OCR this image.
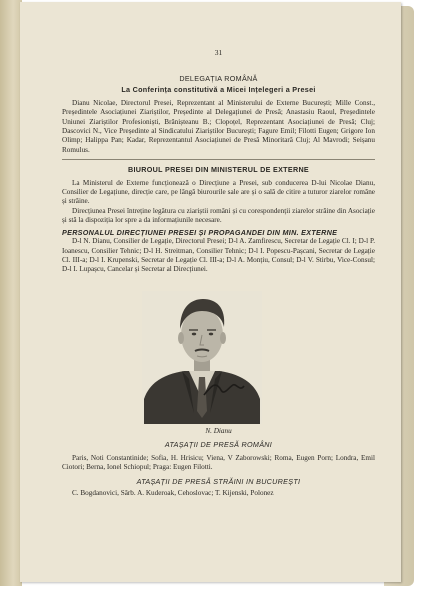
31

DELEGAȚIA ROMÂNĂ

La Conferința constitutivă a Micei Ințelegeri a Presei

Dianu Nicolae, Directorul Presei, Reprezentant al Ministerului de Externe București; Mille Const., Președintele Asociațiunei Ziariștilor, Președinte al Delegațiunei de Presă; Anastasiu Raoul, Președintele Uniunei Ziariștilor Profesioniști, Brănișteanu B.; Clopoțel, Reprezentant Asociațiunei de Presă; Cluj; Dascovici N., Vice Președinte al Sindicatului Ziariștilor București; Fagure Emil; Filotti Eugen; Grigore Ion Olimp; Halippa Pan; Kadar, Reprezentantul Asociațiunei de Presă Minoritară Cluj; Al Mavrodi; Seișanu Romulus.

BIUROUL PRESEI DIN MINISTERUL DE EXTERNE

La Ministerul de Externe funcționează o Direcțiune a Presei, sub conducerea D-lui Nicolae Dianu, Consilier de Legațiune, direcție care, pe lângă biurourile sale are și o sală de citire a tuturor ziarelor române și străine.

Direcțiunea Presei întreține legătura cu ziariștii români și cu corespondenții ziarelor străine din Asociație și stă la dispoziția lor spre a da informațiunile necesare.

PERSONALUL DIRECȚIUNEI PRESEI ȘI PROPAGANDEI DIN MIN. EXTERNE

D-l N. Dianu, Consilier de Legație, Directorul Presei; D-l A. Zamfirescu, Secretar de Legație Cl. I; D-l P. Ioanescu, Consilier Tehnic; D-l H. Streitman, Consilier Tehnic; D-l I. Popescu-Pașcani, Secretar de Legație Cl. III-a; D-l I. Krupenski, Secretar de Legație Cl. III-a; D-l A. Monțiu, Consul; D-l V. Stirbu, Vice-Consul; D-l I. Lupașcu, Cancelar și Secretar al Direcțiunei.

N. Dianu

ATAȘAȚII DE PRESĂ ROMÂNI

Paris, Noti Constantinide; Sofia, H. Hrisicu; Viena, V Zaborowski; Roma, Eugen Porn; Londra, Emil Ciotori; Berna, Ionel Schiopul; Praga: Eugen Filotti.

ATAȘAȚII DE PRESĂ STRĂINI IN BUCUREȘTI

C. Bogdanovici, Sârb. A. Kuderoak, Cehoslovac; T. Kijenski, Polonez
